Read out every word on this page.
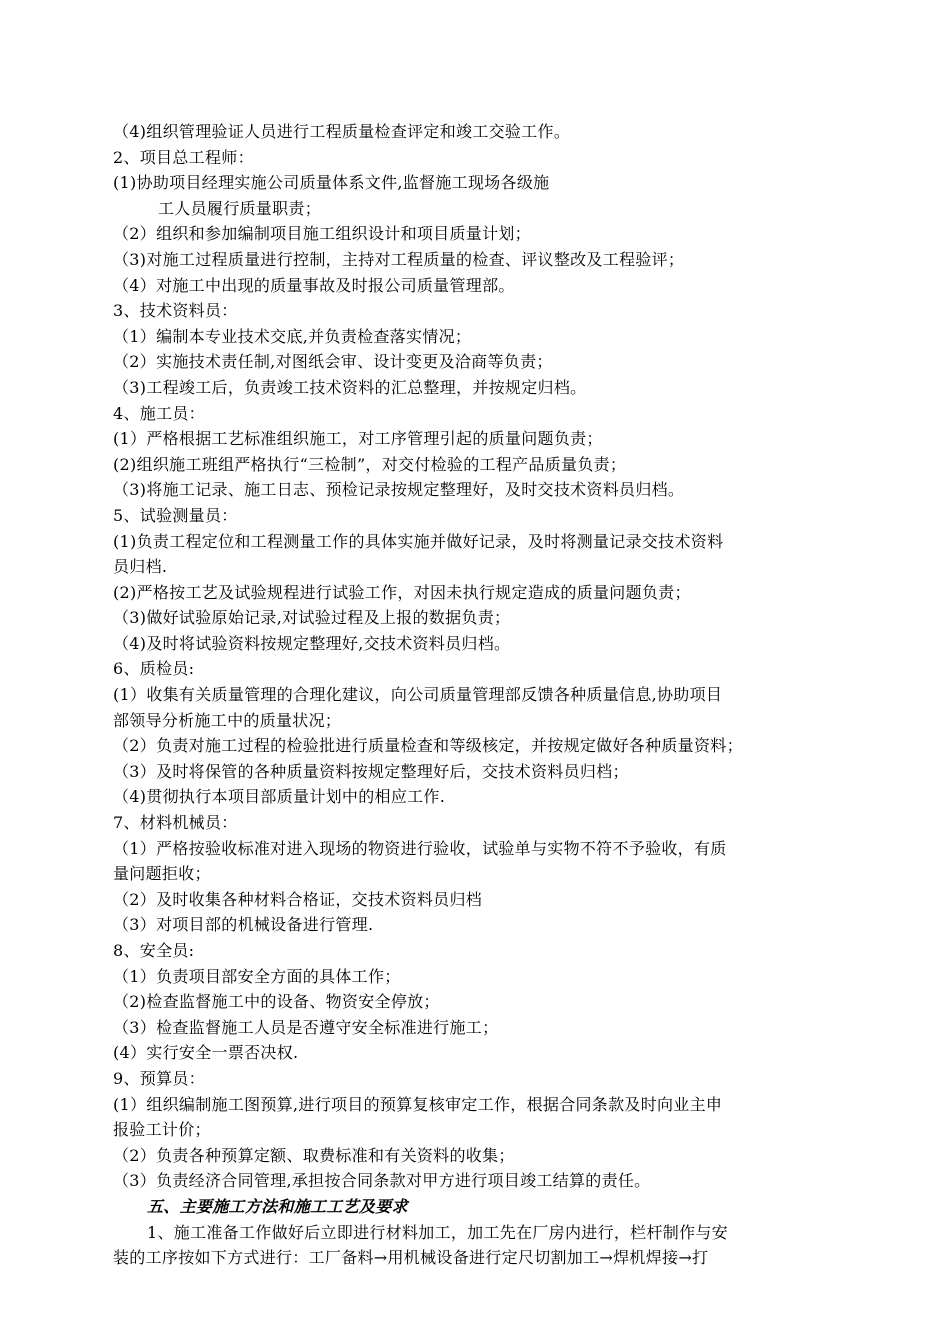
（4)组织管理验证人员进行工程质量检查评定和竣工交验工作。
2、项目总工程师：
(1)协助项目经理实施公司质量体系文件,监督施工现场各级施
工人员履行质量职责；
（2）组织和参加编制项目施工组织设计和项目质量计划；
（3)对施工过程质量进行控制，主持对工程质量的检查、评议整改及工程验评；
（4）对施工中出现的质量事故及时报公司质量管理部。
3、技术资料员：
（1）编制本专业技术交底,并负责检查落实情况；
（2）实施技术责任制,对图纸会审、设计变更及洽商等负责；
（3)工程竣工后，负责竣工技术资料的汇总整理，并按规定归档。
4、施工员：
(1）严格根据工艺标准组织施工，对工序管理引起的质量问题负责；
(2)组织施工班组严格执行“三检制”，对交付检验的工程产品质量负责；
（3)将施工记录、施工日志、预检记录按规定整理好，及时交技术资料员归档。
5、试验测量员：
(1)负责工程定位和工程测量工作的具体实施并做好记录，及时将测量记录交技术资料
员归档.
(2)严格按工艺及试验规程进行试验工作，对因未执行规定造成的质量问题负责；
（3)做好试验原始记录,对试验过程及上报的数据负责；
（4)及时将试验资料按规定整理好,交技术资料员归档。
6、质检员:
(1）收集有关质量管理的合理化建议，向公司质量管理部反馈各种质量信息,协助项目
部领导分析施工中的质量状况；
（2）负责对施工过程的检验批进行质量检查和等级核定，并按规定做好各种质量资料；
（3）及时将保管的各种质量资料按规定整理好后，交技术资料员归档；
（4)贯彻执行本项目部质量计划中的相应工作.
7、材料机械员：
（1）严格按验收标准对进入现场的物资进行验收，试验单与实物不符不予验收，有质
量问题拒收；
（2）及时收集各种材料合格证，交技术资料员归档
（3）对项目部的机械设备进行管理.
8、安全员:
（1）负责项目部安全方面的具体工作；
（2)检查监督施工中的设备、物资安全停放；
（3）检查监督施工人员是否遵守安全标准进行施工；
(4）实行安全一票否决权.
9、预算员：
(1）组织编制施工图预算,进行项目的预算复核审定工作，根据合同条款及时向业主申
报验工计价；
（2）负责各种预算定额、取费标准和有关资料的收集；
（3）负责经济合同管理,承担按合同条款对甲方进行项目竣工结算的责任。
五、主要施工方法和施工工艺及要求
1、施工准备工作做好后立即进行材料加工，加工先在厂房内进行，栏杆制作与安
装的工序按如下方式进行：工厂备料→用机械设备进行定尺切割加工→焊机焊接→打
